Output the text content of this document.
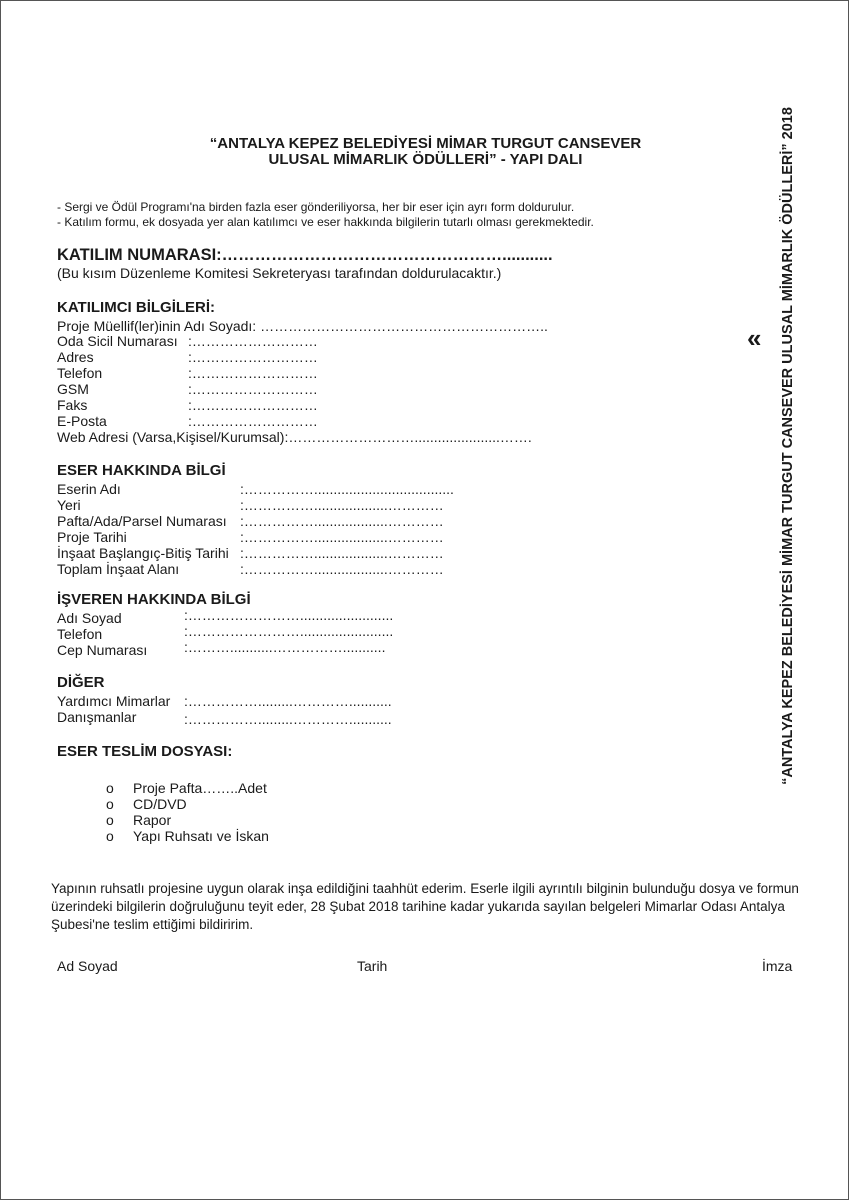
“ANTALYA KEPEZ BELEDİYESİ MİMAR TURGUT CANSEVER
ULUSAL MİMARLIK ÖDÜLLERİ” - YAPI DALI
- Sergi ve Ödül Programı'na birden fazla eser gönderiliyorsa, her bir eser için ayrı form doldurulur.
- Katılım formu, ek dosyada yer alan katılımcı ve eser hakkında bilgilerin tutarlı olması gerekmektedir.
KATILIM NUMARASI:……………………………………………...........
(Bu kısım Düzenleme Komitesi Sekreteryası tarafından doldurulacaktır.)
KATILIMCI BİLGİLERİ:
Proje Müellif(ler)inin Adı Soyadı: ……………………………………………………..
Oda Sicil Numarası :………………………
Adres	:………………………
Telefon	:………………………
GSM	:………………………
Faks	:………………………
E-Posta	:………………………
Web Adresi (Varsa,Kişisel/Kurumsal):………………………......................…….
ESER HAKKINDA BİLGİ
Eserin Adı	:……………....................................
Yeri	:……………...................…………
Pafta/Ada/Parsel Numarası :……………...................…………
Proje Tarihi	:……………...................…………
İnşaat Başlangıç-Bitiş Tarihi :……………...................…………
Toplam İnşaat Alanı	:……………...................…………
İŞVEREN HAKKINDA BİLGİ
Adı Soyad	:……………………........................
Telefon	:……………………........................
Cep Numarası	:………...........……………...........
DİĞER
Yardımcı Mimarlar :…………….........…………...........
Danışmanlar	:…………….........…………...........
ESER TESLİM DOSYASI:
o Proje Pafta……..Adet
o CD/DVD
o Rapor
o Yapı Ruhsatı ve İskan
Yapının ruhsatlı projesine uygun olarak inşa edildiğini taahhüt ederim. Eserle ilgili ayrıntılı bilginin bulunduğu dosya ve formun üzerindeki bilgilerin doğruluğunu teyit eder, 28 Şubat 2018 tarihine kadar yukarıda sayılan belgeleri Mimarlar Odası Antalya Şubesi'ne teslim ettiğimi bildiririm.
Ad Soyad	Tarih	İmza
« “ANTALYA KEPEZ BELEDİYESİ MİMAR TURGUT CANSEVER ULUSAL MİMARLIK ÖDÜLLERİ” 2018
